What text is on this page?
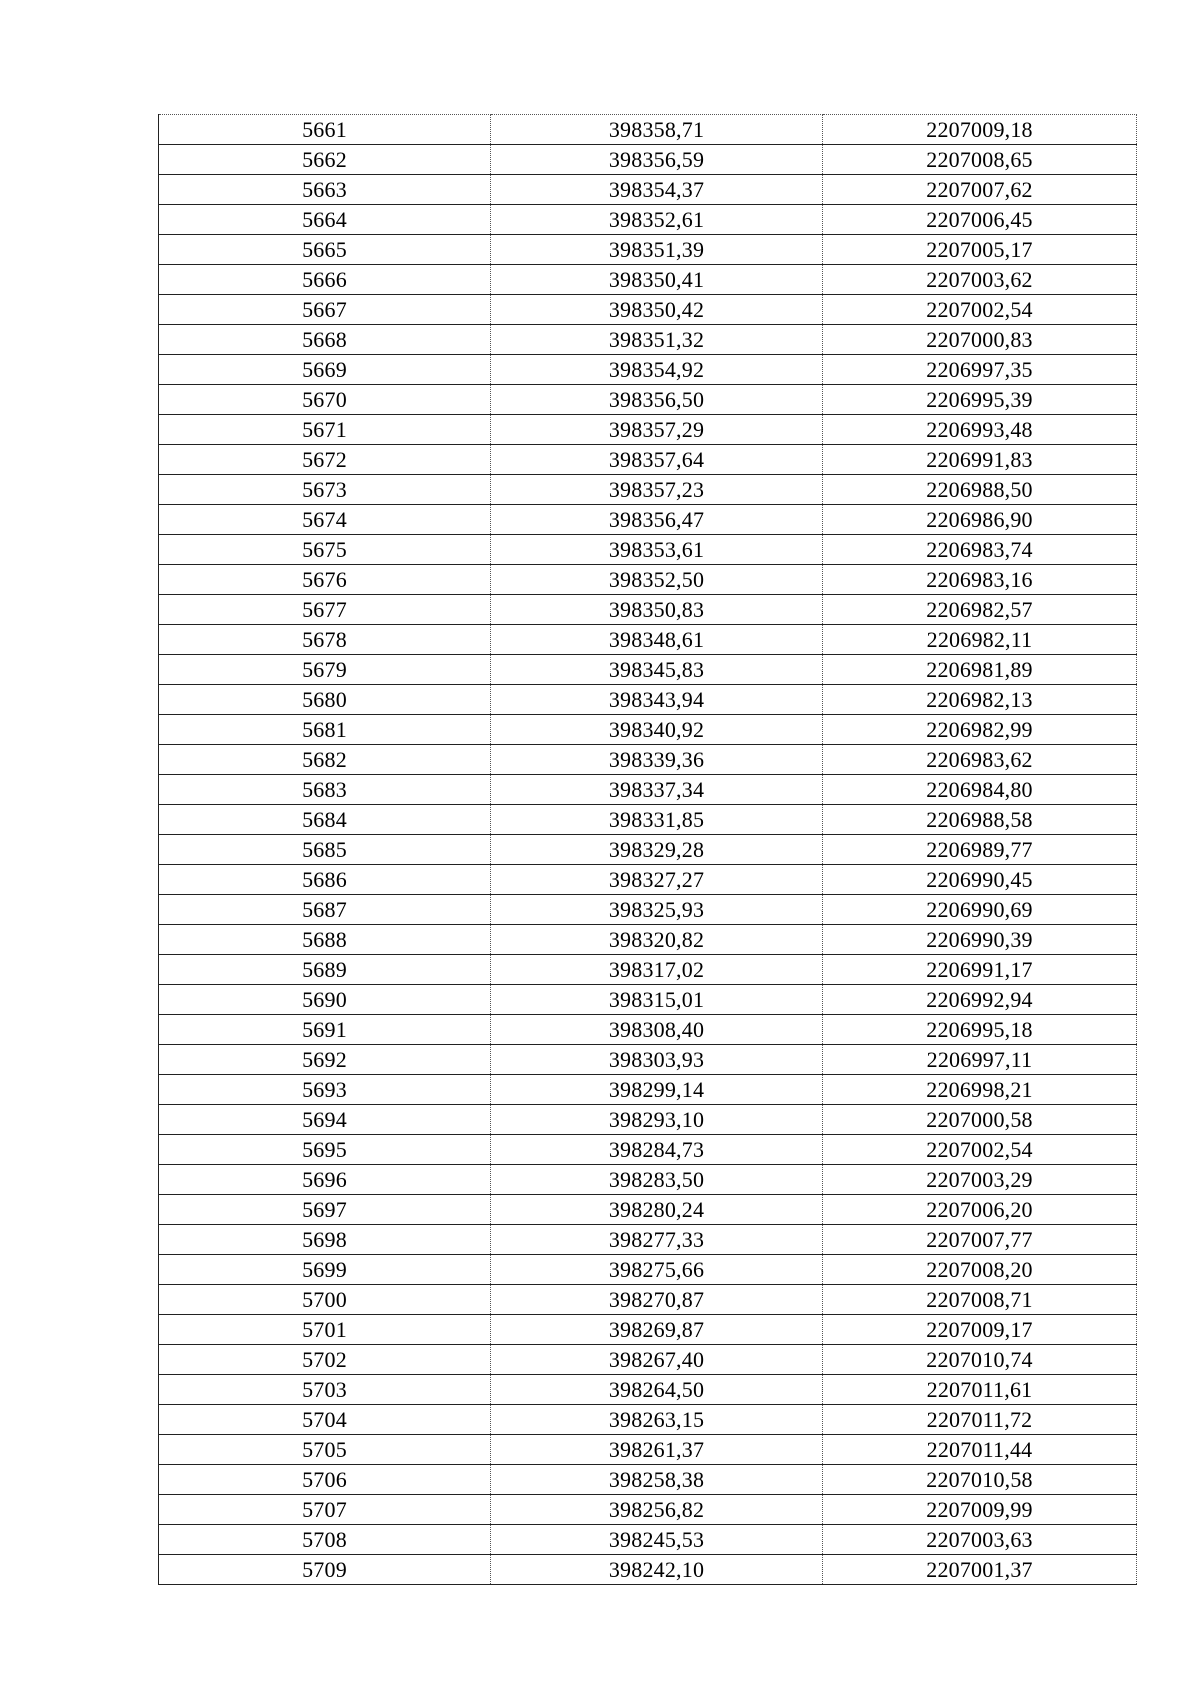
5661	398358,71	2207009,18
5662	398356,59	2207008,65
5663	398354,37	2207007,62
5664	398352,61	2207006,45
5665	398351,39	2207005,17
5666	398350,41	2207003,62
5667	398350,42	2207002,54
5668	398351,32	2207000,83
5669	398354,92	2206997,35
5670	398356,50	2206995,39
5671	398357,29	2206993,48
5672	398357,64	2206991,83
5673	398357,23	2206988,50
5674	398356,47	2206986,90
5675	398353,61	2206983,74
5676	398352,50	2206983,16
5677	398350,83	2206982,57
5678	398348,61	2206982,11
5679	398345,83	2206981,89
5680	398343,94	2206982,13
5681	398340,92	2206982,99
5682	398339,36	2206983,62
5683	398337,34	2206984,80
5684	398331,85	2206988,58
5685	398329,28	2206989,77
5686	398327,27	2206990,45
5687	398325,93	2206990,69
5688	398320,82	2206990,39
5689	398317,02	2206991,17
5690	398315,01	2206992,94
5691	398308,40	2206995,18
5692	398303,93	2206997,11
5693	398299,14	2206998,21
5694	398293,10	2207000,58
5695	398284,73	2207002,54
5696	398283,50	2207003,29
5697	398280,24	2207006,20
5698	398277,33	2207007,77
5699	398275,66	2207008,20
5700	398270,87	2207008,71
5701	398269,87	2207009,17
5702	398267,40	2207010,74
5703	398264,50	2207011,61
5704	398263,15	2207011,72
5705	398261,37	2207011,44
5706	398258,38	2207010,58
5707	398256,82	2207009,99
5708	398245,53	2207003,63
5709	398242,10	2207001,37
